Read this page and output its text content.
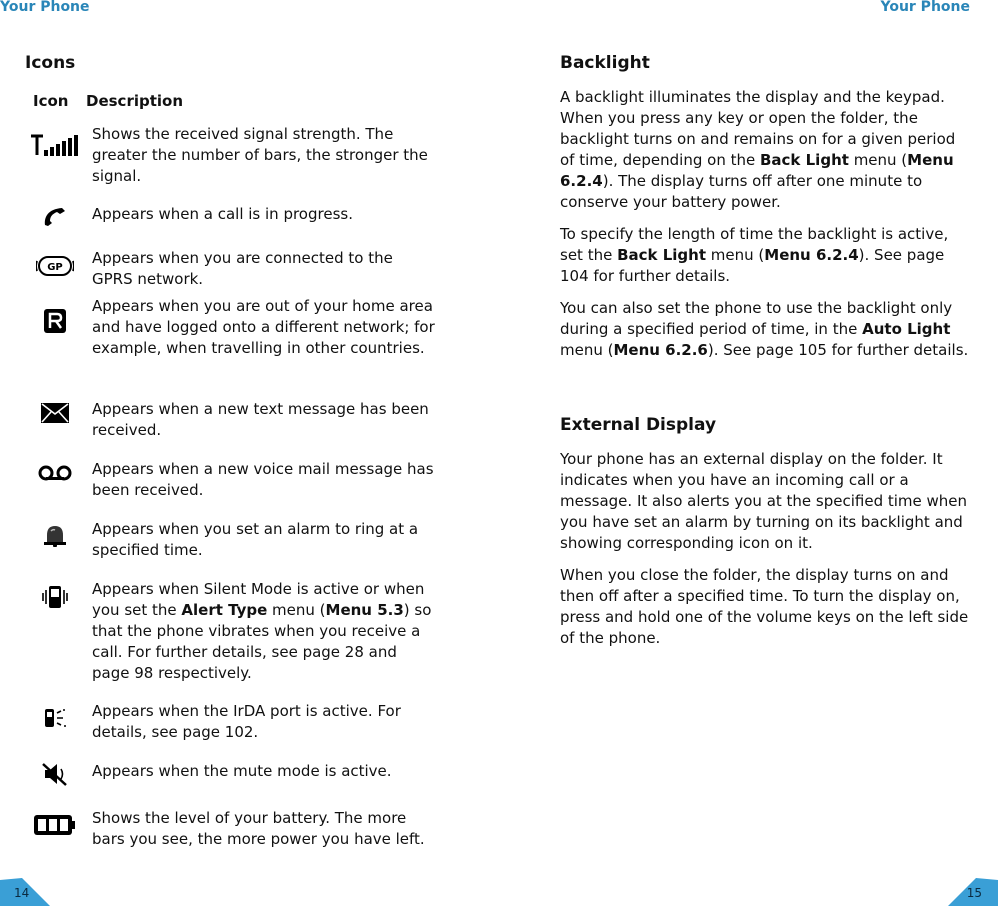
Your Phone	Your Phone
Icons
Icon Description
Shows the received signal strength. The greater the number of bars, the stronger the signal.
Appears when a call is in progress.
GP
Appears when you are connected to the GPRS network.
Appears when you are out of your home area and have logged onto a different network; for example, when travelling in other countries.
Appears when a new text message has been received.
Appears when a new voice mail message has been received.
Appears when you set an alarm to ring at a specified time.
Appears when Silent Mode is active or when you set the Alert Type menu (Menu 5.3) so that the phone vibrates when you receive a call. For further details, see page 28 and page 98 respectively.
Appears when the IrDA port is active. For details, see page 102.
Appears when the mute mode is active.
Shows the level of your battery. The more bars you see, the more power you have left.
Backlight
A backlight illuminates the display and the keypad. When you press any key or open the folder, the backlight turns on and remains on for a given period of time, depending on the Back Light menu (Menu 6.2.4). The display turns off after one minute to conserve your battery power.
To specify the length of time the backlight is active, set the Back Light menu (Menu 6.2.4). See page 104 for further details.
You can also set the phone to use the backlight only during a specified period of time, in the Auto Light menu (Menu 6.2.6). See page 105 for further details.
External Display
Your phone has an external display on the folder. It indicates when you have an incoming call or a message. It also alerts you at the specified time when you have set an alarm by turning on its backlight and showing corresponding icon on it.
When you close the folder, the display turns on and then off after a specified time. To turn the display on, press and hold one of the volume keys on the left side of the phone.
14	15
